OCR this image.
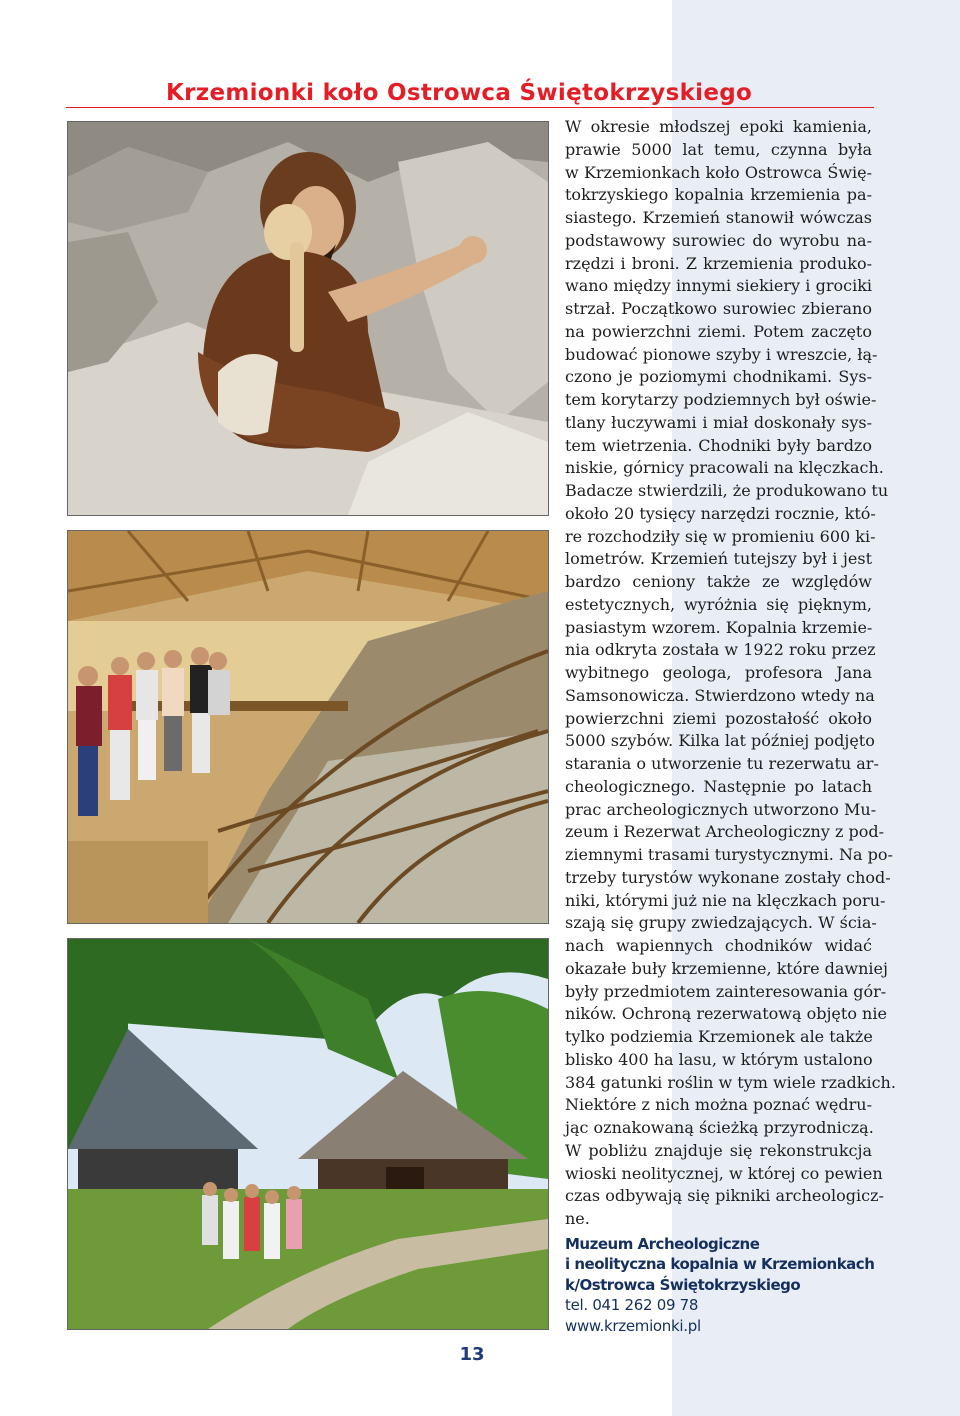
Krzemionki koło Ostrowca Świętokrzyskiego
W okresie młodszej epoki kamienia,
prawie 5000 lat temu, czynna była
w Krzemionkach koło Ostrowca Świę-
tokrzyskiego kopalnia krzemienia pa-
siastego. Krzemień stanowił wówczas
podstawowy surowiec do wyrobu na-
rzędzi i broni. Z krzemienia produko-
wano między innymi siekiery i grociki
strzał. Początkowo surowiec zbierano
na powierzchni ziemi. Potem zaczęto
budować pionowe szyby i wreszcie, łą-
czono je poziomymi chodnikami. Sys-
tem korytarzy podziemnych był oświe-
tlany łuczywami i miał doskonały sys-
tem wietrzenia. Chodniki były bardzo
niskie, górnicy pracowali na klęczkach.
Badacze stwierdzili, że produkowano tu
około 20 tysięcy narzędzi rocznie, któ-
re rozchodziły się w promieniu 600 ki-
lometrów. Krzemień tutejszy był i jest
bardzo ceniony także ze względów
estetycznych, wyróżnia się pięknym,
pasiastym wzorem. Kopalnia krzemie-
nia odkryta została w 1922 roku przez
wybitnego geologa, profesora Jana
Samsonowicza. Stwierdzono wtedy na
powierzchni ziemi pozostałość około
5000 szybów. Kilka lat później podjęto
starania o utworzenie tu rezerwatu ar-
cheologicznego. Następnie po latach
prac archeologicznych utworzono Mu-
zeum i Rezerwat Archeologiczny z pod-
ziemnymi trasami turystycznymi. Na po-
trzeby turystów wykonane zostały chod-
niki, którymi już nie na klęczkach poru-
szają się grupy zwiedzających. W ścia-
nach wapiennych chodników widać
okazałe buły krzemienne, które dawniej
były przedmiotem zainteresowania gór-
ników. Ochroną rezerwatową objęto nie
tylko podziemia Krzemionek ale także
blisko 400 ha lasu, w którym ustalono
384 gatunki roślin w tym wiele rzadkich.
Niektóre z nich można poznać wędru-
jąc oznakowaną ścieżką przyrodniczą.
W pobliżu znajduje się rekonstrukcja
wioski neolitycznej, w której co pewien
czas odbywają się pikniki archeologicz-
ne.
Muzeum Archeologiczne
i neolityczna kopalnia w Krzemionkach
k/Ostrowca Świętokrzyskiego
tel. 041 262 09 78
www.krzemionki.pl
13
